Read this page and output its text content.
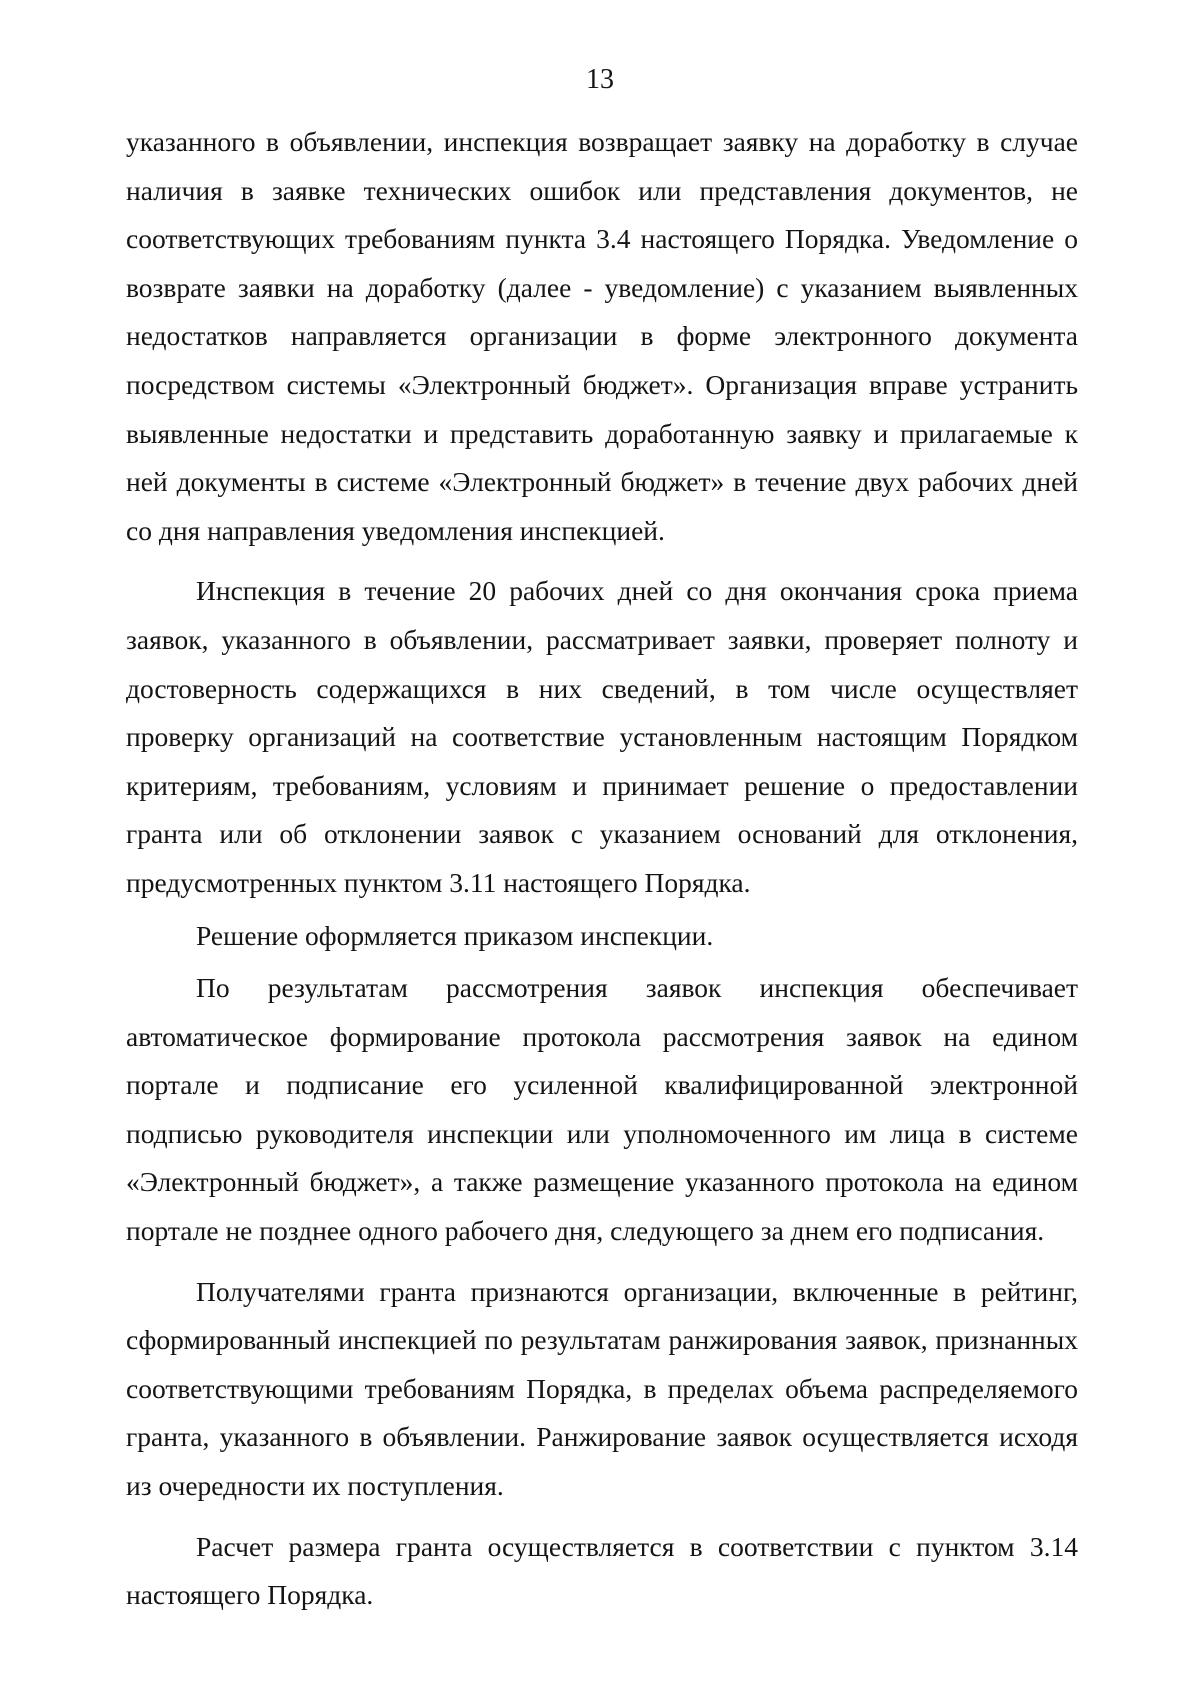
13

указанного в объявлении, инспекция возвращает заявку на доработку в случае наличия в заявке технических ошибок или представления документов, не соответствующих требованиям пункта 3.4 настоящего Порядка. Уведомление о возврате заявки на доработку (далее - уведомление) с указанием выявленных недостатков направляется организации в форме электронного документа посредством системы «Электронный бюджет». Организация вправе устранить выявленные недостатки и представить доработанную заявку и прилагаемые к ней документы в системе «Электронный бюджет» в течение двух рабочих дней со дня направления уведомления инспекцией.

Инспекция в течение 20 рабочих дней со дня окончания срока приема заявок, указанного в объявлении, рассматривает заявки, проверяет полноту и достоверность содержащихся в них сведений, в том числе осуществляет проверку организаций на соответствие установленным настоящим Порядком критериям, требованиям, условиям и принимает решение о предоставлении гранта или об отклонении заявок с указанием оснований для отклонения, предусмотренных пунктом 3.11 настоящего Порядка.

Решение оформляется приказом инспекции.

По результатам рассмотрения заявок инспекция обеспечивает автоматическое формирование протокола рассмотрения заявок на едином портале и подписание его усиленной квалифицированной электронной подписью руководителя инспекции или уполномоченного им лица в системе «Электронный бюджет», а также размещение указанного протокола на едином портале не позднее одного рабочего дня, следующего за днем его подписания.

Получателями гранта признаются организации, включенные в рейтинг, сформированный инспекцией по результатам ранжирования заявок, признанных соответствующими требованиям Порядка, в пределах объема распределяемого гранта, указанного в объявлении. Ранжирование заявок осуществляется исходя из очередности их поступления.

Расчет размера гранта осуществляется в соответствии с пунктом 3.14 настоящего Порядка.
